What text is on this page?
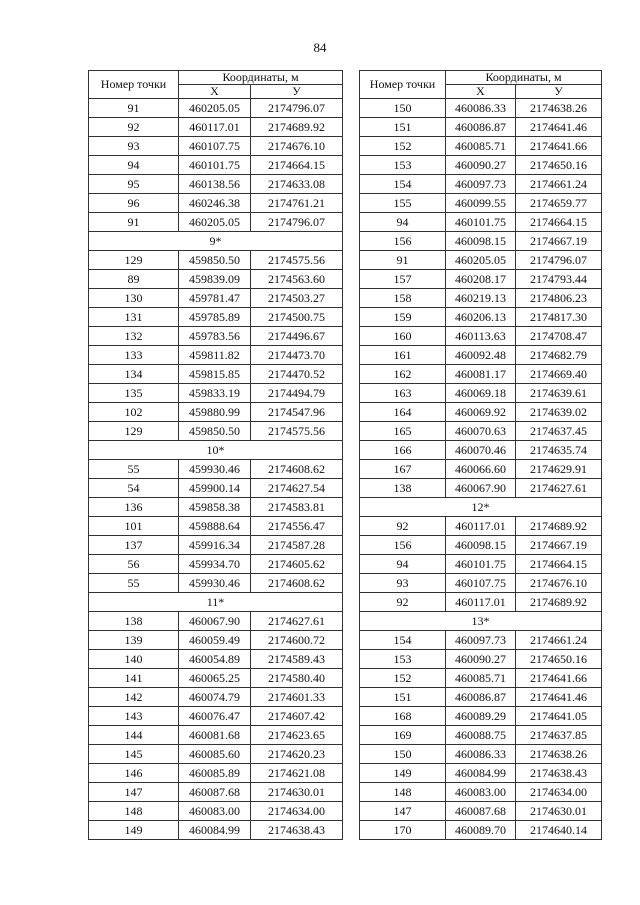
84
Номер точки	Координаты, м	
	X	У
91	460205.05	2174796.07
92	460117.01	2174689.92
93	460107.75	2174676.10
94	460101.75	2174664.15
95	460138.56	2174633.08
96	460246.38	2174761.21
91	460205.05	2174796.07
9*		
129	459850.50	2174575.56
89	459839.09	2174563.60
130	459781.47	2174503.27
131	459785.89	2174500.75
132	459783.56	2174496.67
133	459811.82	2174473.70
134	459815.85	2174470.52
135	459833.19	2174494.79
102	459880.99	2174547.96
129	459850.50	2174575.56
10*		
55	459930.46	2174608.62
54	459900.14	2174627.54
136	459858.38	2174583.81
101	459888.64	2174556.47
137	459916.34	2174587.28
56	459934.70	2174605.62
55	459930.46	2174608.62
11*		
138	460067.90	2174627.61
139	460059.49	2174600.72
140	460054.89	2174589.43
141	460065.25	2174580.40
142	460074.79	2174601.33
143	460076.47	2174607.42
144	460081.68	2174623.65
145	460085.60	2174620.23
146	460085.89	2174621.08
147	460087.68	2174630.01
148	460083.00	2174634.00
149	460084.99	2174638.43
Номер точки	Координаты, м	
	X	У
150	460086.33	2174638.26
151	460086.87	2174641.46
152	460085.71	2174641.66
153	460090.27	2174650.16
154	460097.73	2174661.24
155	460099.55	2174659.77
94	460101.75	2174664.15
156	460098.15	2174667.19
91	460205.05	2174796.07
157	460208.17	2174793.44
158	460219.13	2174806.23
159	460206.13	2174817.30
160	460113.63	2174708.47
161	460092.48	2174682.79
162	460081.17	2174669.40
163	460069.18	2174639.61
164	460069.92	2174639.02
165	460070.63	2174637.45
166	460070.46	2174635.74
167	460066.60	2174629.91
138	460067.90	2174627.61
12*		
92	460117.01	2174689.92
156	460098.15	2174667.19
94	460101.75	2174664.15
93	460107.75	2174676.10
92	460117.01	2174689.92
13*		
154	460097.73	2174661.24
153	460090.27	2174650.16
152	460085.71	2174641.66
151	460086.87	2174641.46
168	460089.29	2174641.05
169	460088.75	2174637.85
150	460086.33	2174638.26
149	460084.99	2174638.43
148	460083.00	2174634.00
147	460087.68	2174630.01
170	460089.70	2174640.14
